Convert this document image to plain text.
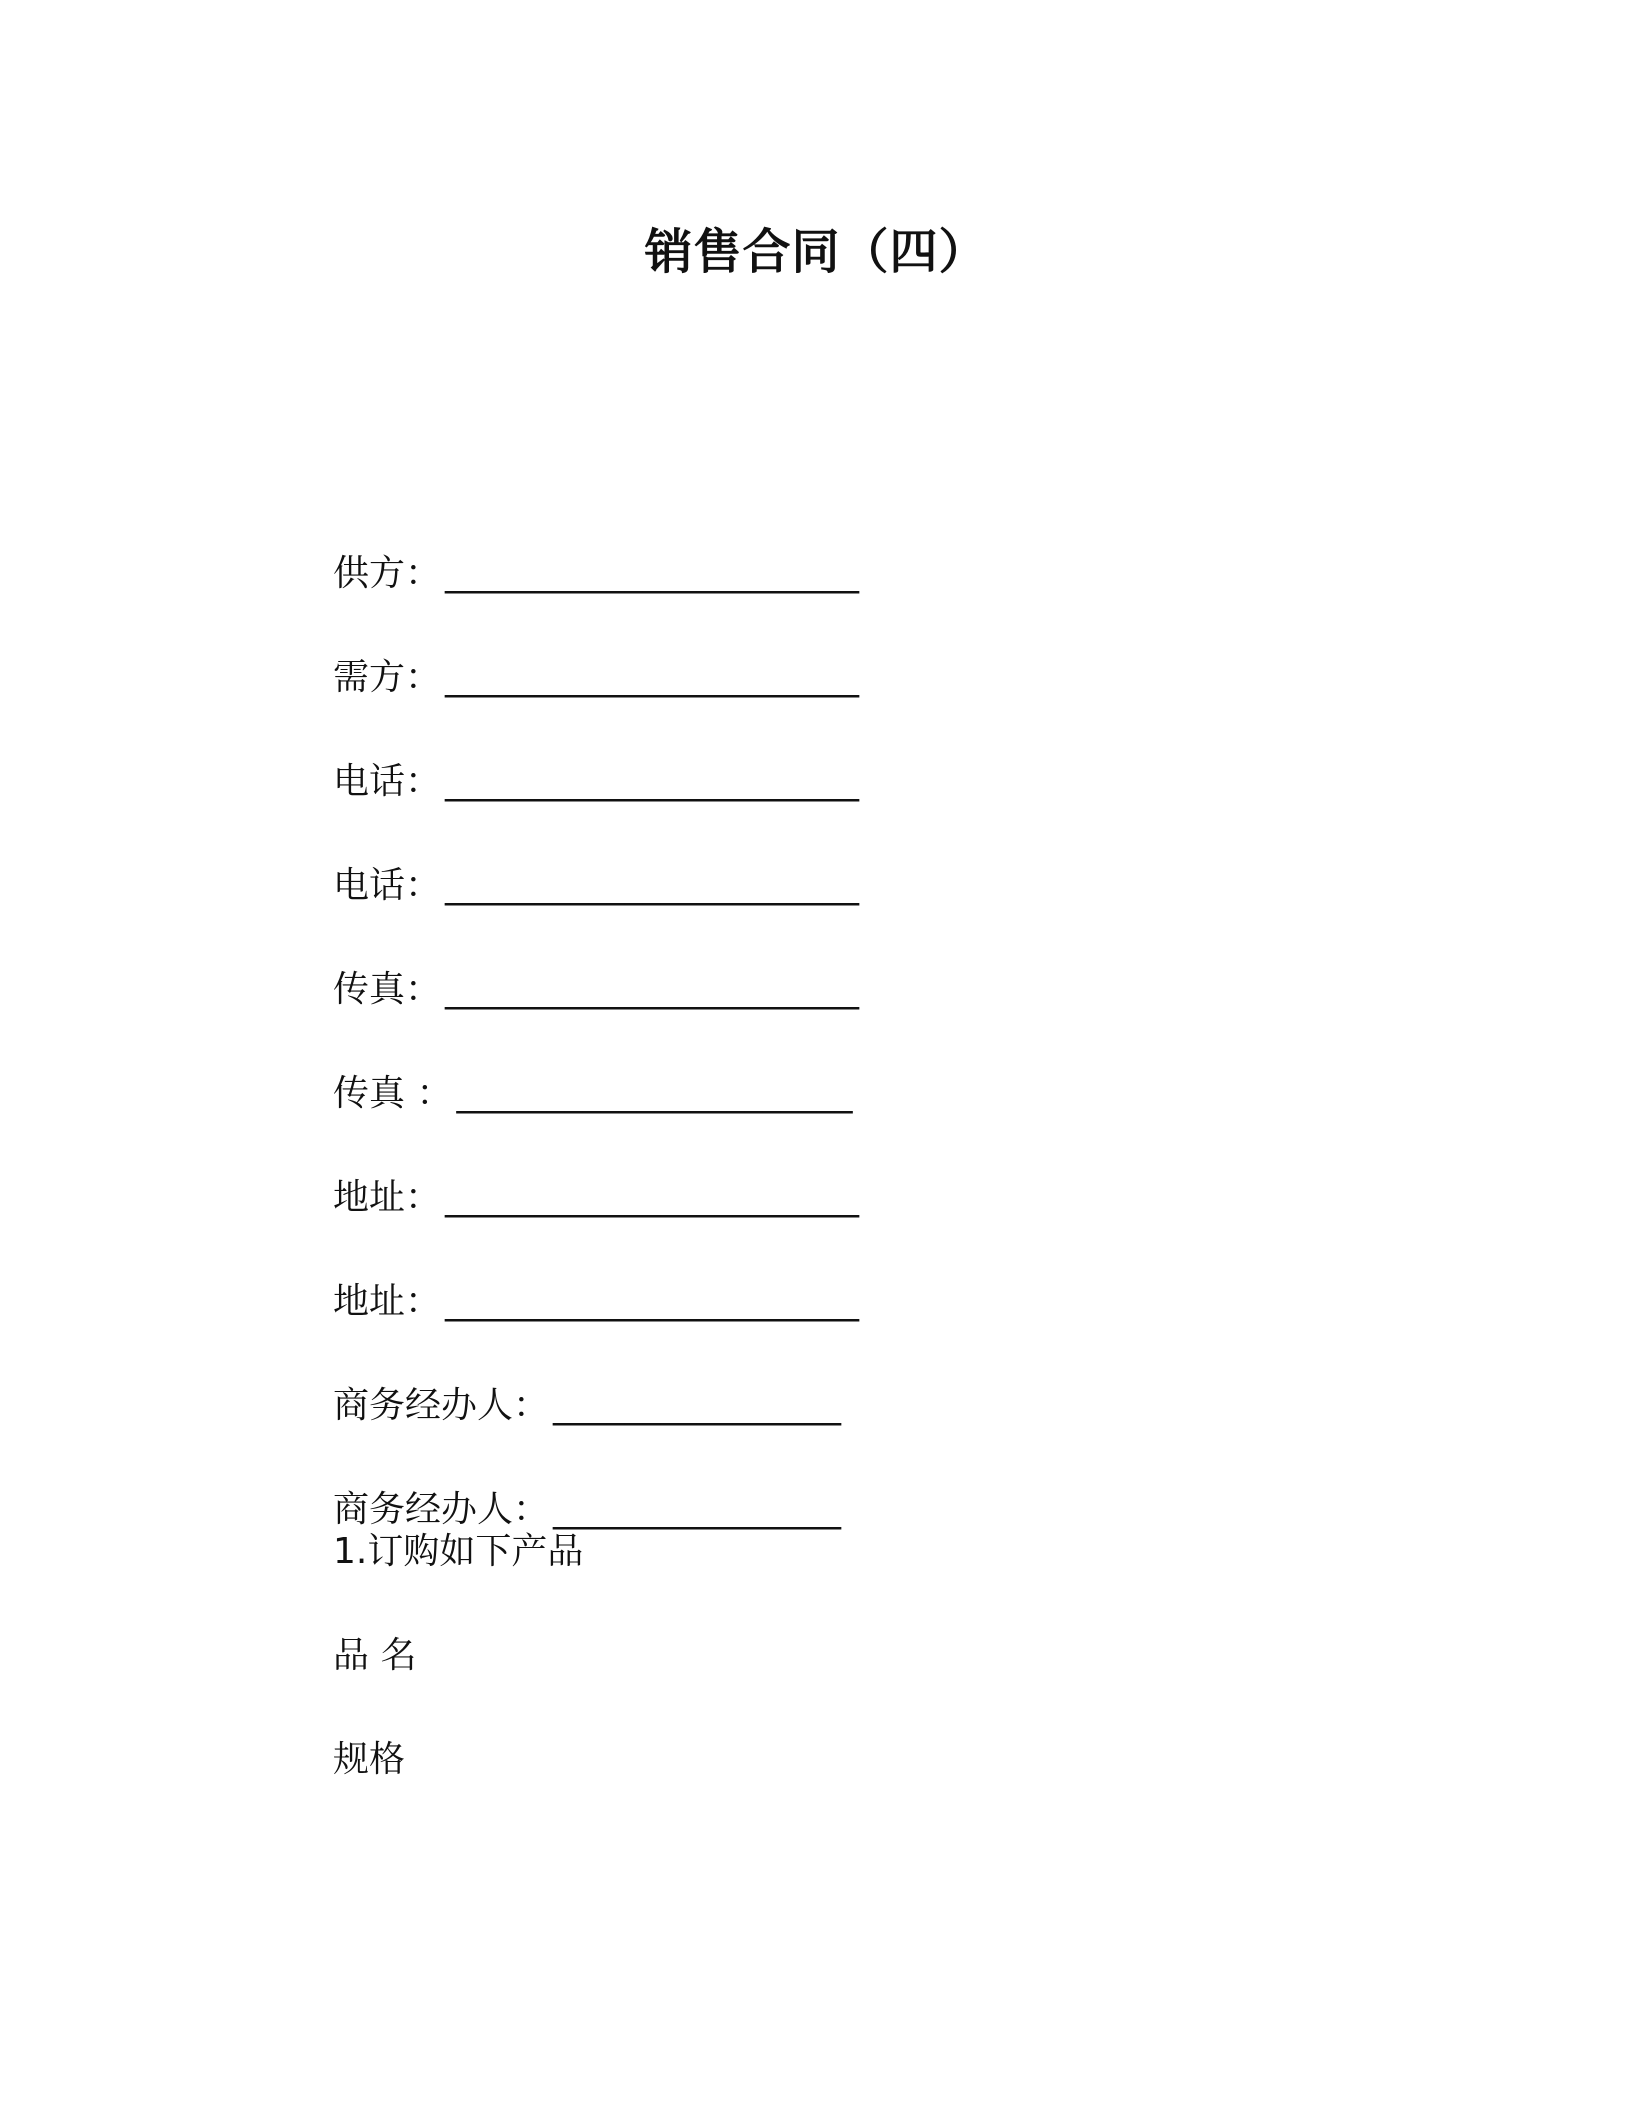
销售合同（四）
供方： _______________________
需方： _______________________
电话： _______________________
电话： _______________________
传真： _______________________
传真 ： ______________________
地址： _______________________
地址： _______________________
商务经办人： ________________
商务经办人： ________________
1.订购如下产品
品 名
规格
